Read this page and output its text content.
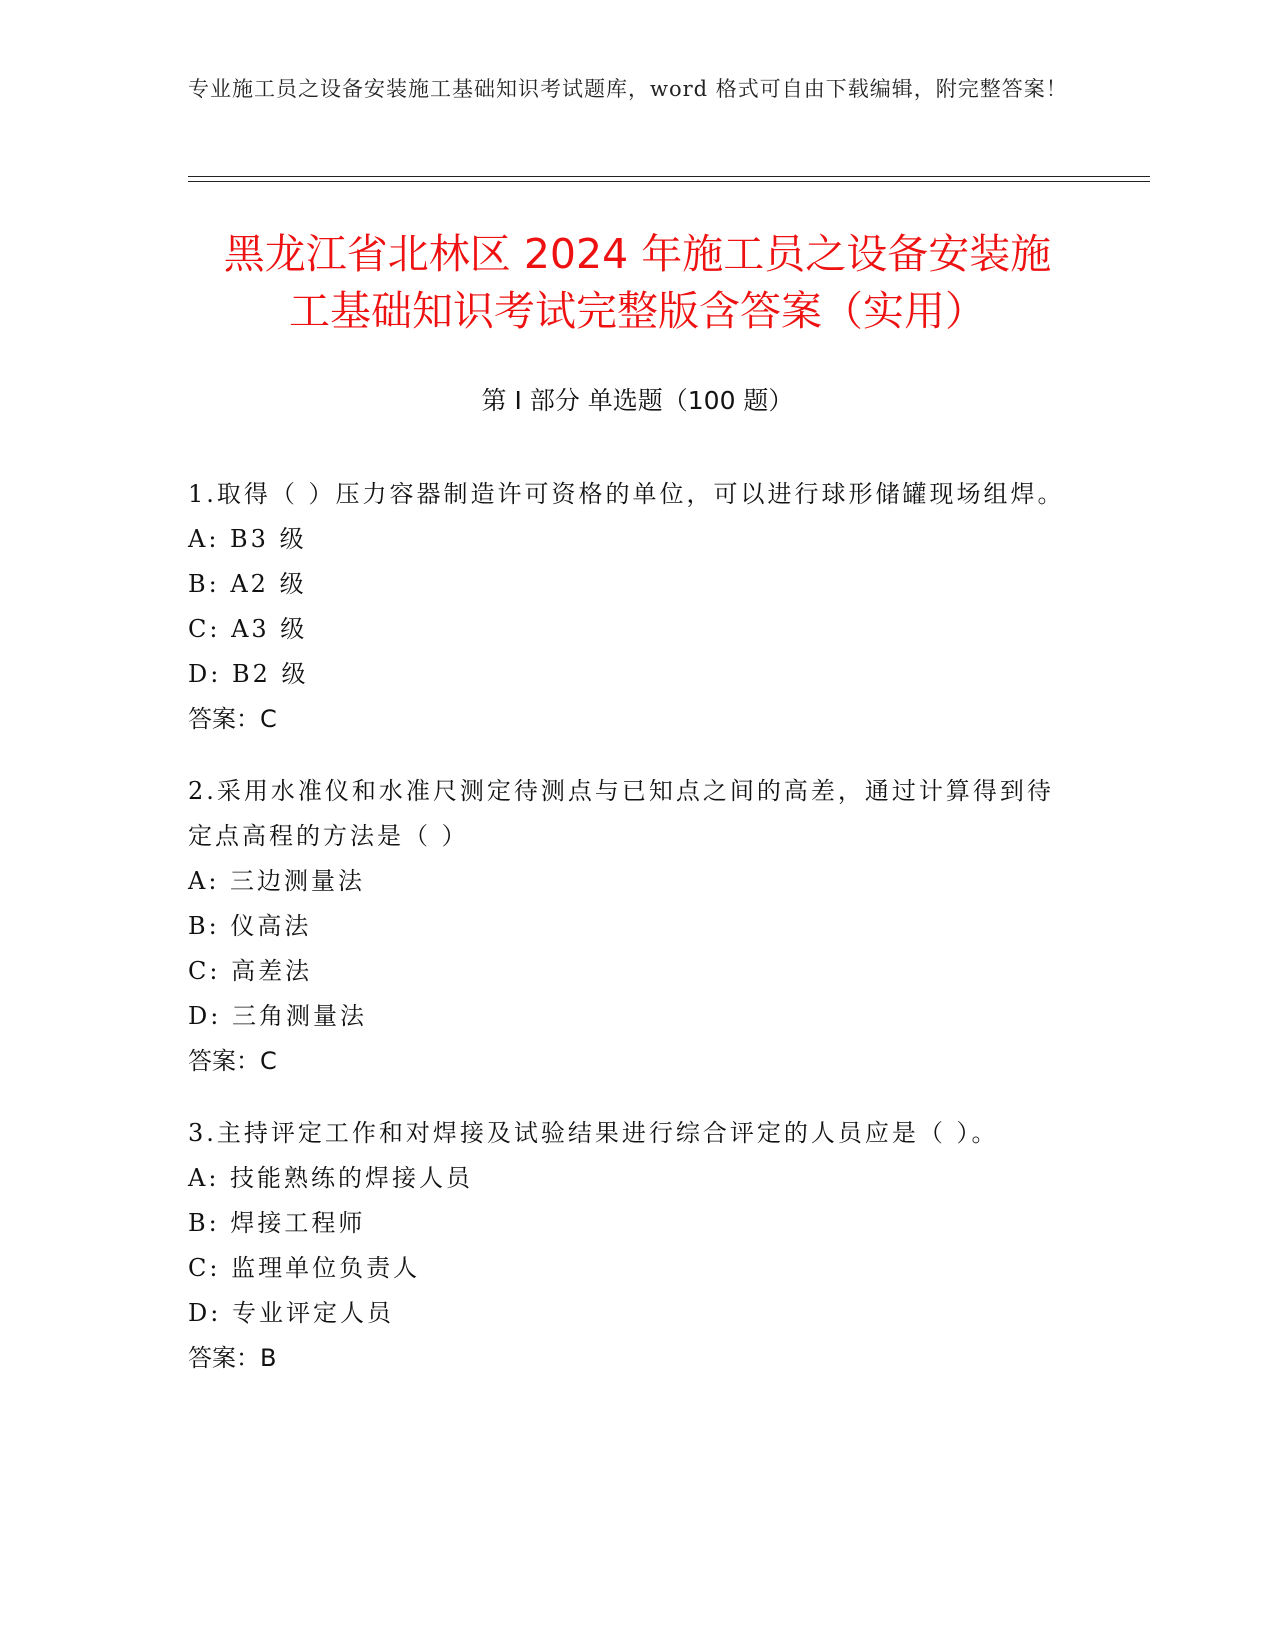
专业施工员之设备安装施工基础知识考试题库，word 格式可自由下载编辑，附完整答案！
黑龙江省北林区 2024 年施工员之设备安装施
工基础知识考试完整版含答案（实用）
第 I 部分 单选题（100 题）
1.取得（ ）压力容器制造许可资格的单位，可以进行球形储罐现场组焊。
A: B3 级
B: A2 级
C: A3 级
D: B2 级
答案：C
2.采用水准仪和水准尺测定待测点与已知点之间的高差，通过计算得到待定点高程的方法是（ ）
A: 三边测量法
B: 仪高法
C: 高差法
D: 三角测量法
答案：C
3.主持评定工作和对焊接及试验结果进行综合评定的人员应是（ ）。
A: 技能熟练的焊接人员
B: 焊接工程师
C: 监理单位负责人
D: 专业评定人员
答案：B
